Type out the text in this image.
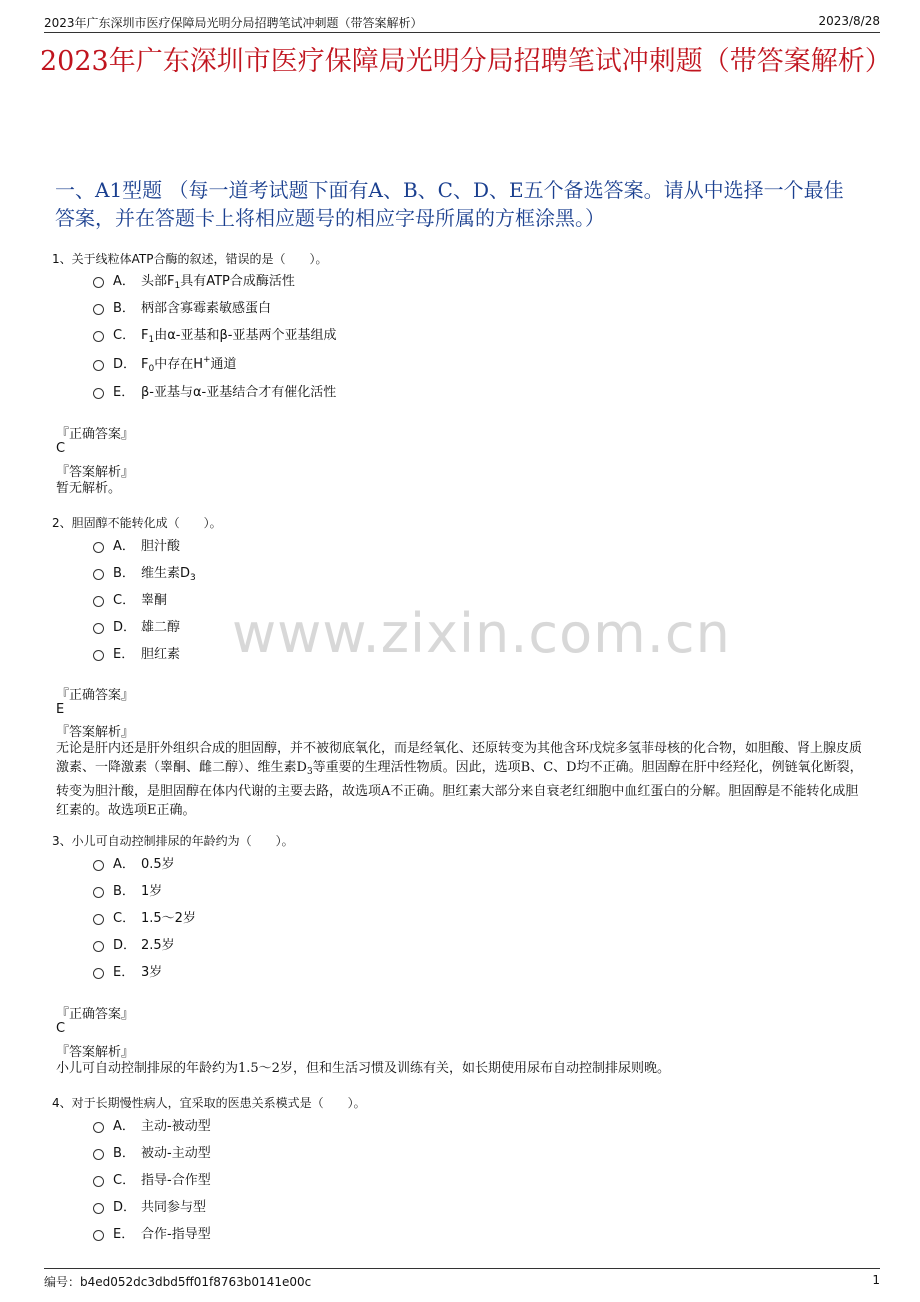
2023年广东深圳市医疗保障局光明分局招聘笔试冲刺题（带答案解析）	2023/8/28
2023年广东深圳市医疗保障局光明分局招聘笔试冲刺题（带答案解析）
一、A1型题 （每一道考试题下面有A、B、C、D、E五个备选答案。请从中选择一个最佳答案，并在答题卡上将相应题号的相应字母所属的方框涂黑。）
1、关于线粒体ATP合酶的叙述，错误的是（　　）。
A． 头部$F_1$具有ATP合成酶活性
B． 柄部含寡霉素敏感蛋白
C． $F_1$由α-亚基和β-亚基两个亚基组成
D． $F_0$中存在H+通道
E． β-亚基与α-亚基结合才有催化活性
『正确答案』
C
『答案解析』
暂无解析。
2、胆固醇不能转化成（　　）。
A． 胆汁酸
B． 维生素$D_3$
C． 睾酮
D． 雄二醇
E． 胆红素
『正确答案』
E
『答案解析』
无论是肝内还是肝外组织合成的胆固醇，并不被彻底氧化，而是经氧化、还原转变为其他含环戊烷多氢菲母核的化合物，如胆酸、肾上腺皮质激素、一降激素（睾酮、雌二醇）、维生素$D_3$等重要的生理活性物质。因此，选项B、C、D均不正确。胆固醇在肝中经羟化，例链氧化断裂，转变为胆汁酸，是胆固醇在体内代谢的主要去路，故选项A不正确。胆红素大部分来自衰老红细胞中血红蛋白的分解。胆固醇是不能转化成胆红素的。故选项E正确。
3、小儿可自动控制排尿的年龄约为（　　）。
A． 0.5岁
B． 1岁
C． 1.5～2岁
D． 2.5岁
E． 3岁
『正确答案』
C
『答案解析』
小儿可自动控制排尿的年龄约为1.5～2岁，但和生活习惯及训练有关，如长期使用尿布自动控制排尿则晚。
4、对于长期慢性病人，宜采取的医患关系模式是（　　）。
A． 主动-被动型
B． 被动-主动型
C． 指导-合作型
D． 共同参与型
E． 合作-指导型
www.zixin.com.cn
编号：b4ed052dc3dbd5ff01f8763b0141e00c	1
